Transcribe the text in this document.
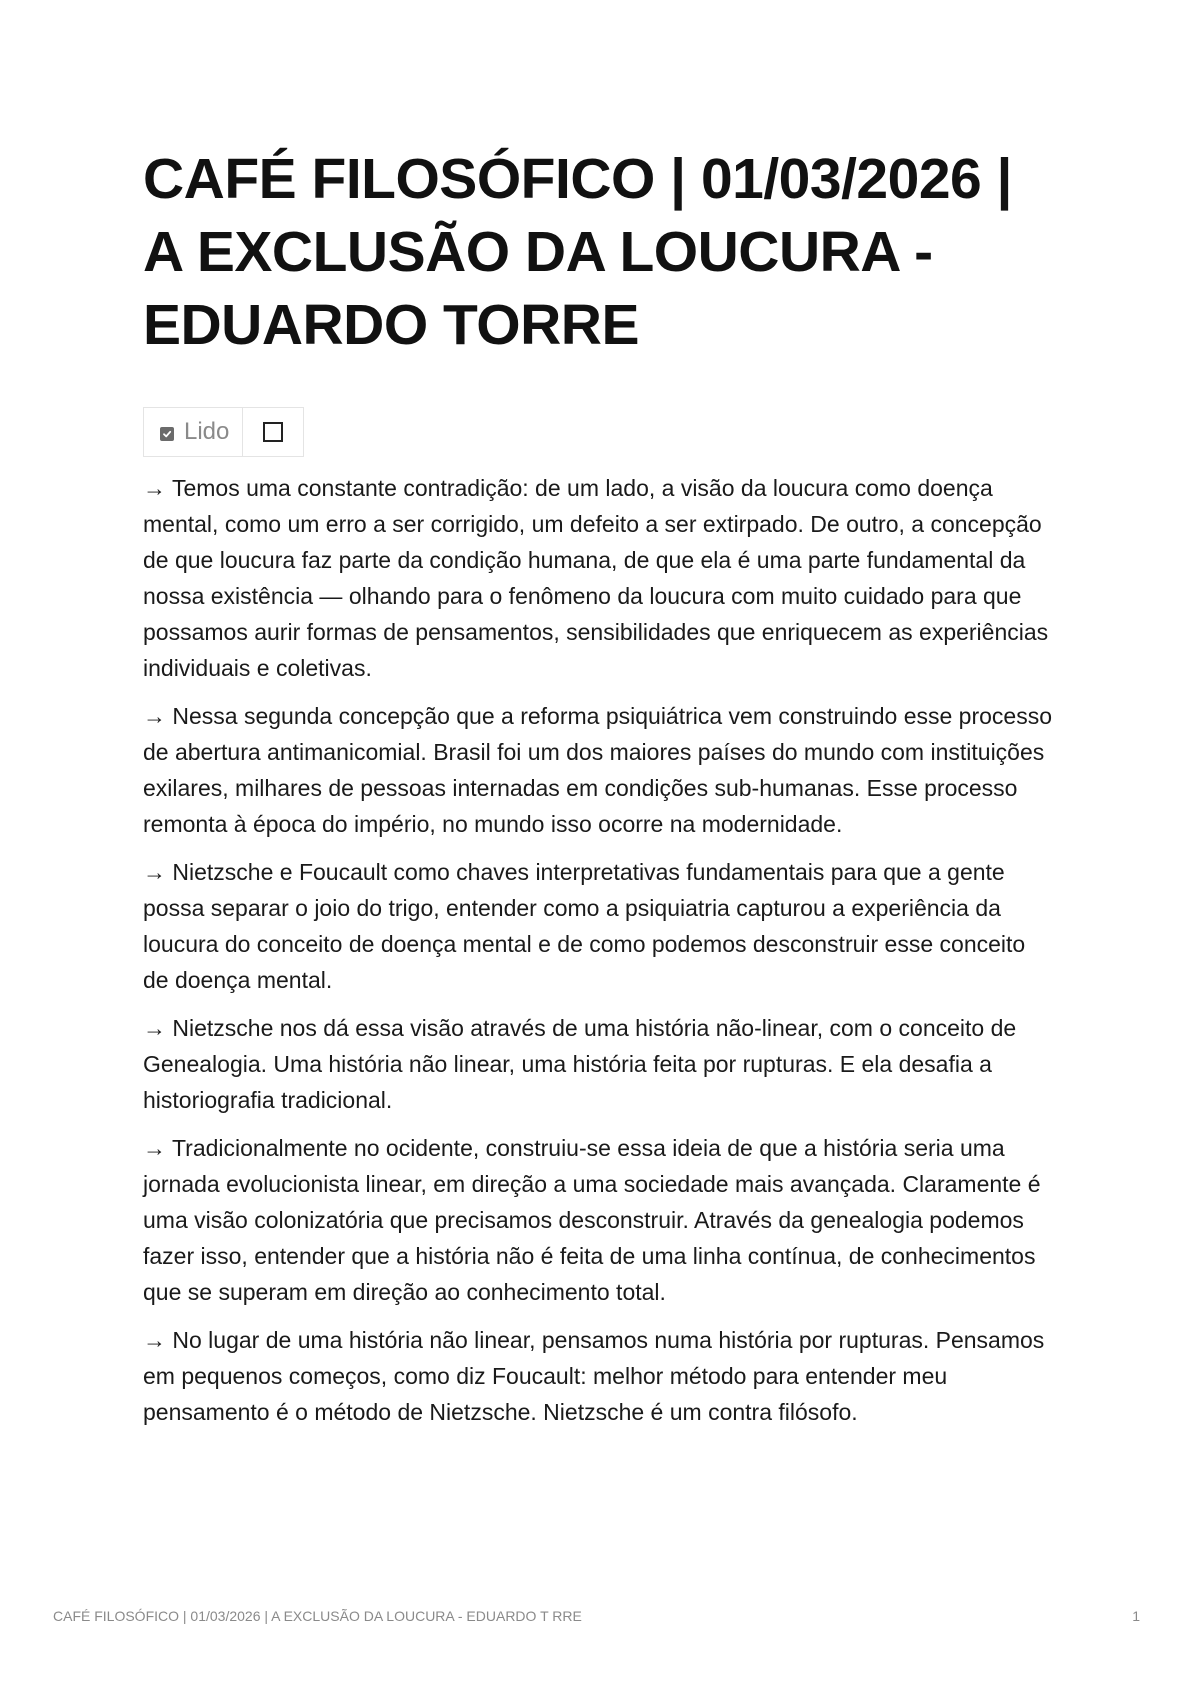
CAFÉ FILOSÓFICO | 01/03/2026 | A EXCLUSÃO DA LOUCURA - EDUARDO TORRE
Lido

→ Temos uma constante contradição: de um lado, a visão da loucura como doença mental, como um erro a ser corrigido, um defeito a ser extirpado. De outro, a concepção de que loucura faz parte da condição humana, de que ela é uma parte fundamental da nossa existência — olhando para o fenômeno da loucura com muito cuidado para que possamos aurir formas de pensamentos, sensibilidades que enriquecem as experiências individuais e coletivas.

→ Nessa segunda concepção que a reforma psiquiátrica vem construindo esse processo de abertura antimanicomial. Brasil foi um dos maiores países do mundo com instituições exilares, milhares de pessoas internadas em condições sub-humanas. Esse processo remonta à época do império, no mundo isso ocorre na modernidade.

→ Nietzsche e Foucault como chaves interpretativas fundamentais para que a gente possa separar o joio do trigo, entender como a psiquiatria capturou a experiência da loucura do conceito de doença mental e de como podemos desconstruir esse conceito de doença mental.

→ Nietzsche nos dá essa visão através de uma história não-linear, com o conceito de Genealogia. Uma história não linear, uma história feita por rupturas. E ela desafia a historiografia tradicional.

→ Tradicionalmente no ocidente, construiu-se essa ideia de que a história seria uma jornada evolucionista linear, em direção a uma sociedade mais avançada. Claramente é uma visão colonizatória que precisamos desconstruir. Através da genealogia podemos fazer isso, entender que a história não é feita de uma linha contínua, de conhecimentos que se superam em direção ao conhecimento total.

→ No lugar de uma história não linear, pensamos numa história por rupturas. Pensamos em pequenos começos, como diz Foucault: melhor método para entender meu pensamento é o método de Nietzsche. Nietzsche é um contra filósofo.

CAFÉ FILOSÓFICO | 01/03/2026 | A EXCLUSÃO DA LOUCURA - EDUARDO T RRE	1
